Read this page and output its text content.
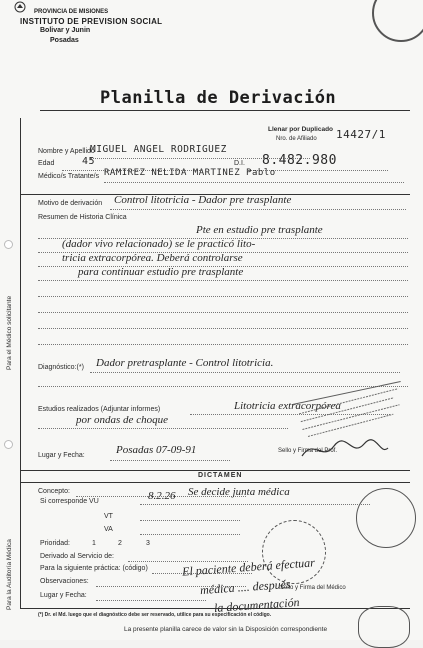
PROVINCIA DE MISIONES
INSTITUTO DE PREVISION SOCIAL
Bolivar y Junin
Posadas
Planilla de Derivación
Llenar por Duplicado
Para el Médico solicitante
Para la Auditoría Médica
Nombre y Apellido
MIGUEL ANGEL RODRIGUEZ
Nro. de Afiliado 14427/1
Edad	45	D.I. 8.482.980
Médico/s Tratante/s RAMIREZ NELIDA MARTINEZ Pablo
Motivo de derivación Control litotricia - Dador pre trasplante
Resumen de Historia Clínica
Pte en estudio pre trasplante
(dador vivo relacionado) se le practicó lito-
tricia extracorpórea. Deberá controlarse
para continuar estudio pre trasplante
Diagnóstico:(*) Dador pretrasplante - Control litotricia.
Estudios realizados (Adjuntar informes)	Litotricia extracorpórea
por ondas de choque
Lugar y Fecha:	Posadas 07-09-91	Sello y Firma del Prof.
DICTAMEN
Concepto:
Si corresponde VU	8.2.26 Se decide junta médica
VT
VA
Prioridad:	1	2	3
Derivado al Servicio de:
Para la siguiente práctica: (código)
Observaciones:
El paciente deberá efectuar
médica .... después
la documentación
Lugar y Fecha:
Sello y Firma del Médico
(*) Dr. el Md. luego que el diagnóstico debe ser reservado, utilice para su especificación el código.
La presente planilla carece de valor sin la Disposición correspondiente
